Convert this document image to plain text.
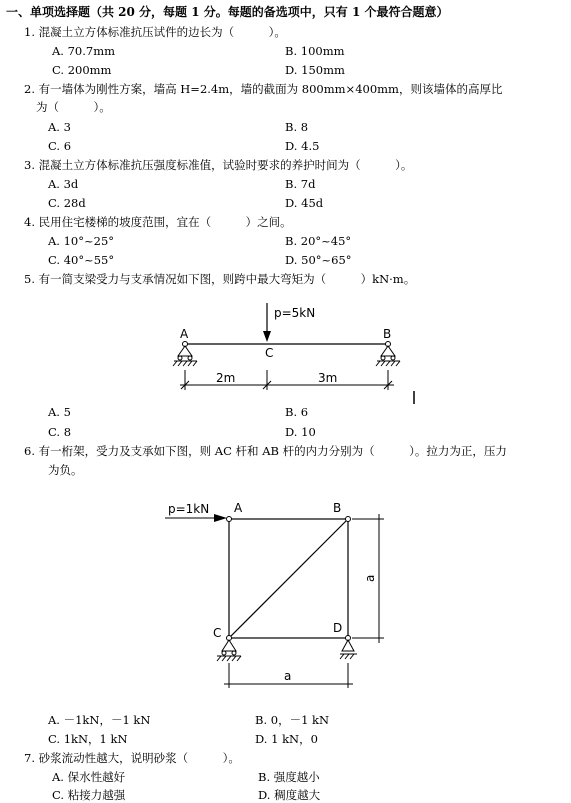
一、单项选择题（共 20 分，每题 1 分。每题的备选项中，只有 1 个最符合题意）
1. 混凝土立方体标准抗压试件的边长为（　　　）。
A. 70.7mm	B. 100mm
C. 200mm	D. 150mm
2. 有一墙体为刚性方案，墙高 H=2.4m，墙的截面为 800mm×400mm，则该墙体的高厚比
为（　　　）。
A. 3	B. 8
C. 6	D. 4.5
3. 混凝土立方体标准抗压强度标准值，试验时要求的养护时间为（　　　）。
A. 3d	B. 7d
C. 28d	D. 45d
4. 民用住宅楼梯的坡度范围，宜在（　　　）之间。
A. 10°~25°	B. 20°~45°
C. 40°~55°	D. 50°~65°
5. 有一简支梁受力与支承情况如下图，则跨中最大弯矩为（　　　）kN·m。
p=5kN
A	B
C
2m	3m
A. 5	B. 6
C. 8	D. 10
6. 有一桁架，受力及支承如下图，则 AC 杆和 AB 杆的内力分别为（　　　）。拉力为正，压力
为负。
p=1kN A	B
C	D
a
a
A. －1kN，－1 kN	B. 0，－1 kN
C. 1kN，1 kN	D. 1 kN，0
7. 砂浆流动性越大，说明砂浆（　　　）。
A. 保水性越好	B. 强度越小
C. 粘接力越强	D. 稠度越大
